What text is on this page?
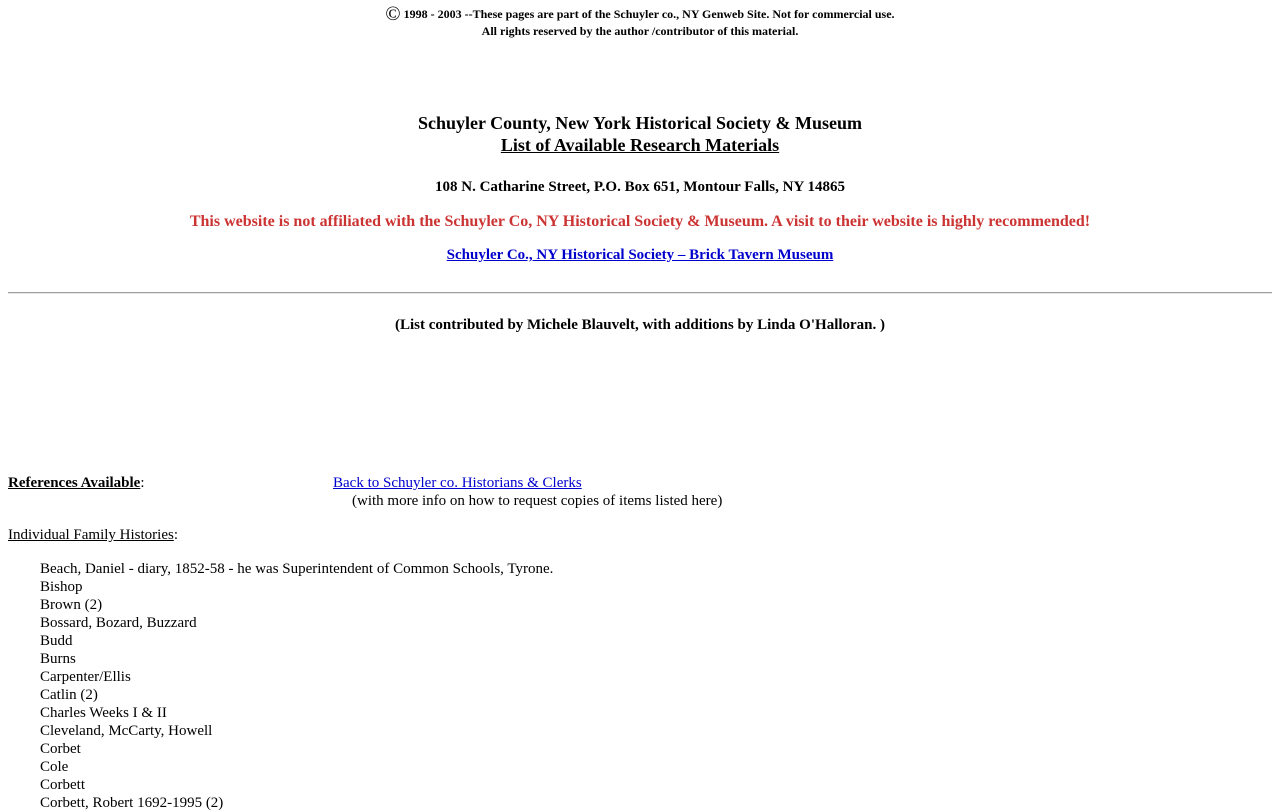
© 1998 - 2003 --These pages are part of the Schuyler co., NY Genweb Site. Not for commercial use.
All rights reserved by the author /contributor of this material.
Schuyler County, New York Historical Society & Museum
List of Available Research Materials
108 N. Catharine Street, P.O. Box 651, Montour Falls, NY 14865
This website is not affiliated with the Schuyler Co, NY Historical Society & Museum. A visit to their website is highly recommended!
Schuyler Co., NY Historical Society – Brick Tavern Museum
(List contributed by Michele Blauvelt, with additions by Linda O'Halloran. )
References Available:	Back to Schuyler co. Historians & Clerks
(with more info on how to request copies of items listed here)
Individual Family Histories:
Beach, Daniel - diary, 1852-58 - he was Superintendent of Common Schools, Tyrone.
Bishop
Brown (2)
Bossard, Bozard, Buzzard
Budd
Burns
Carpenter/Ellis
Catlin (2)
Charles Weeks I & II
Cleveland, McCarty, Howell
Corbet
Cole
Corbett
Corbett, Robert 1692-1995 (2)
